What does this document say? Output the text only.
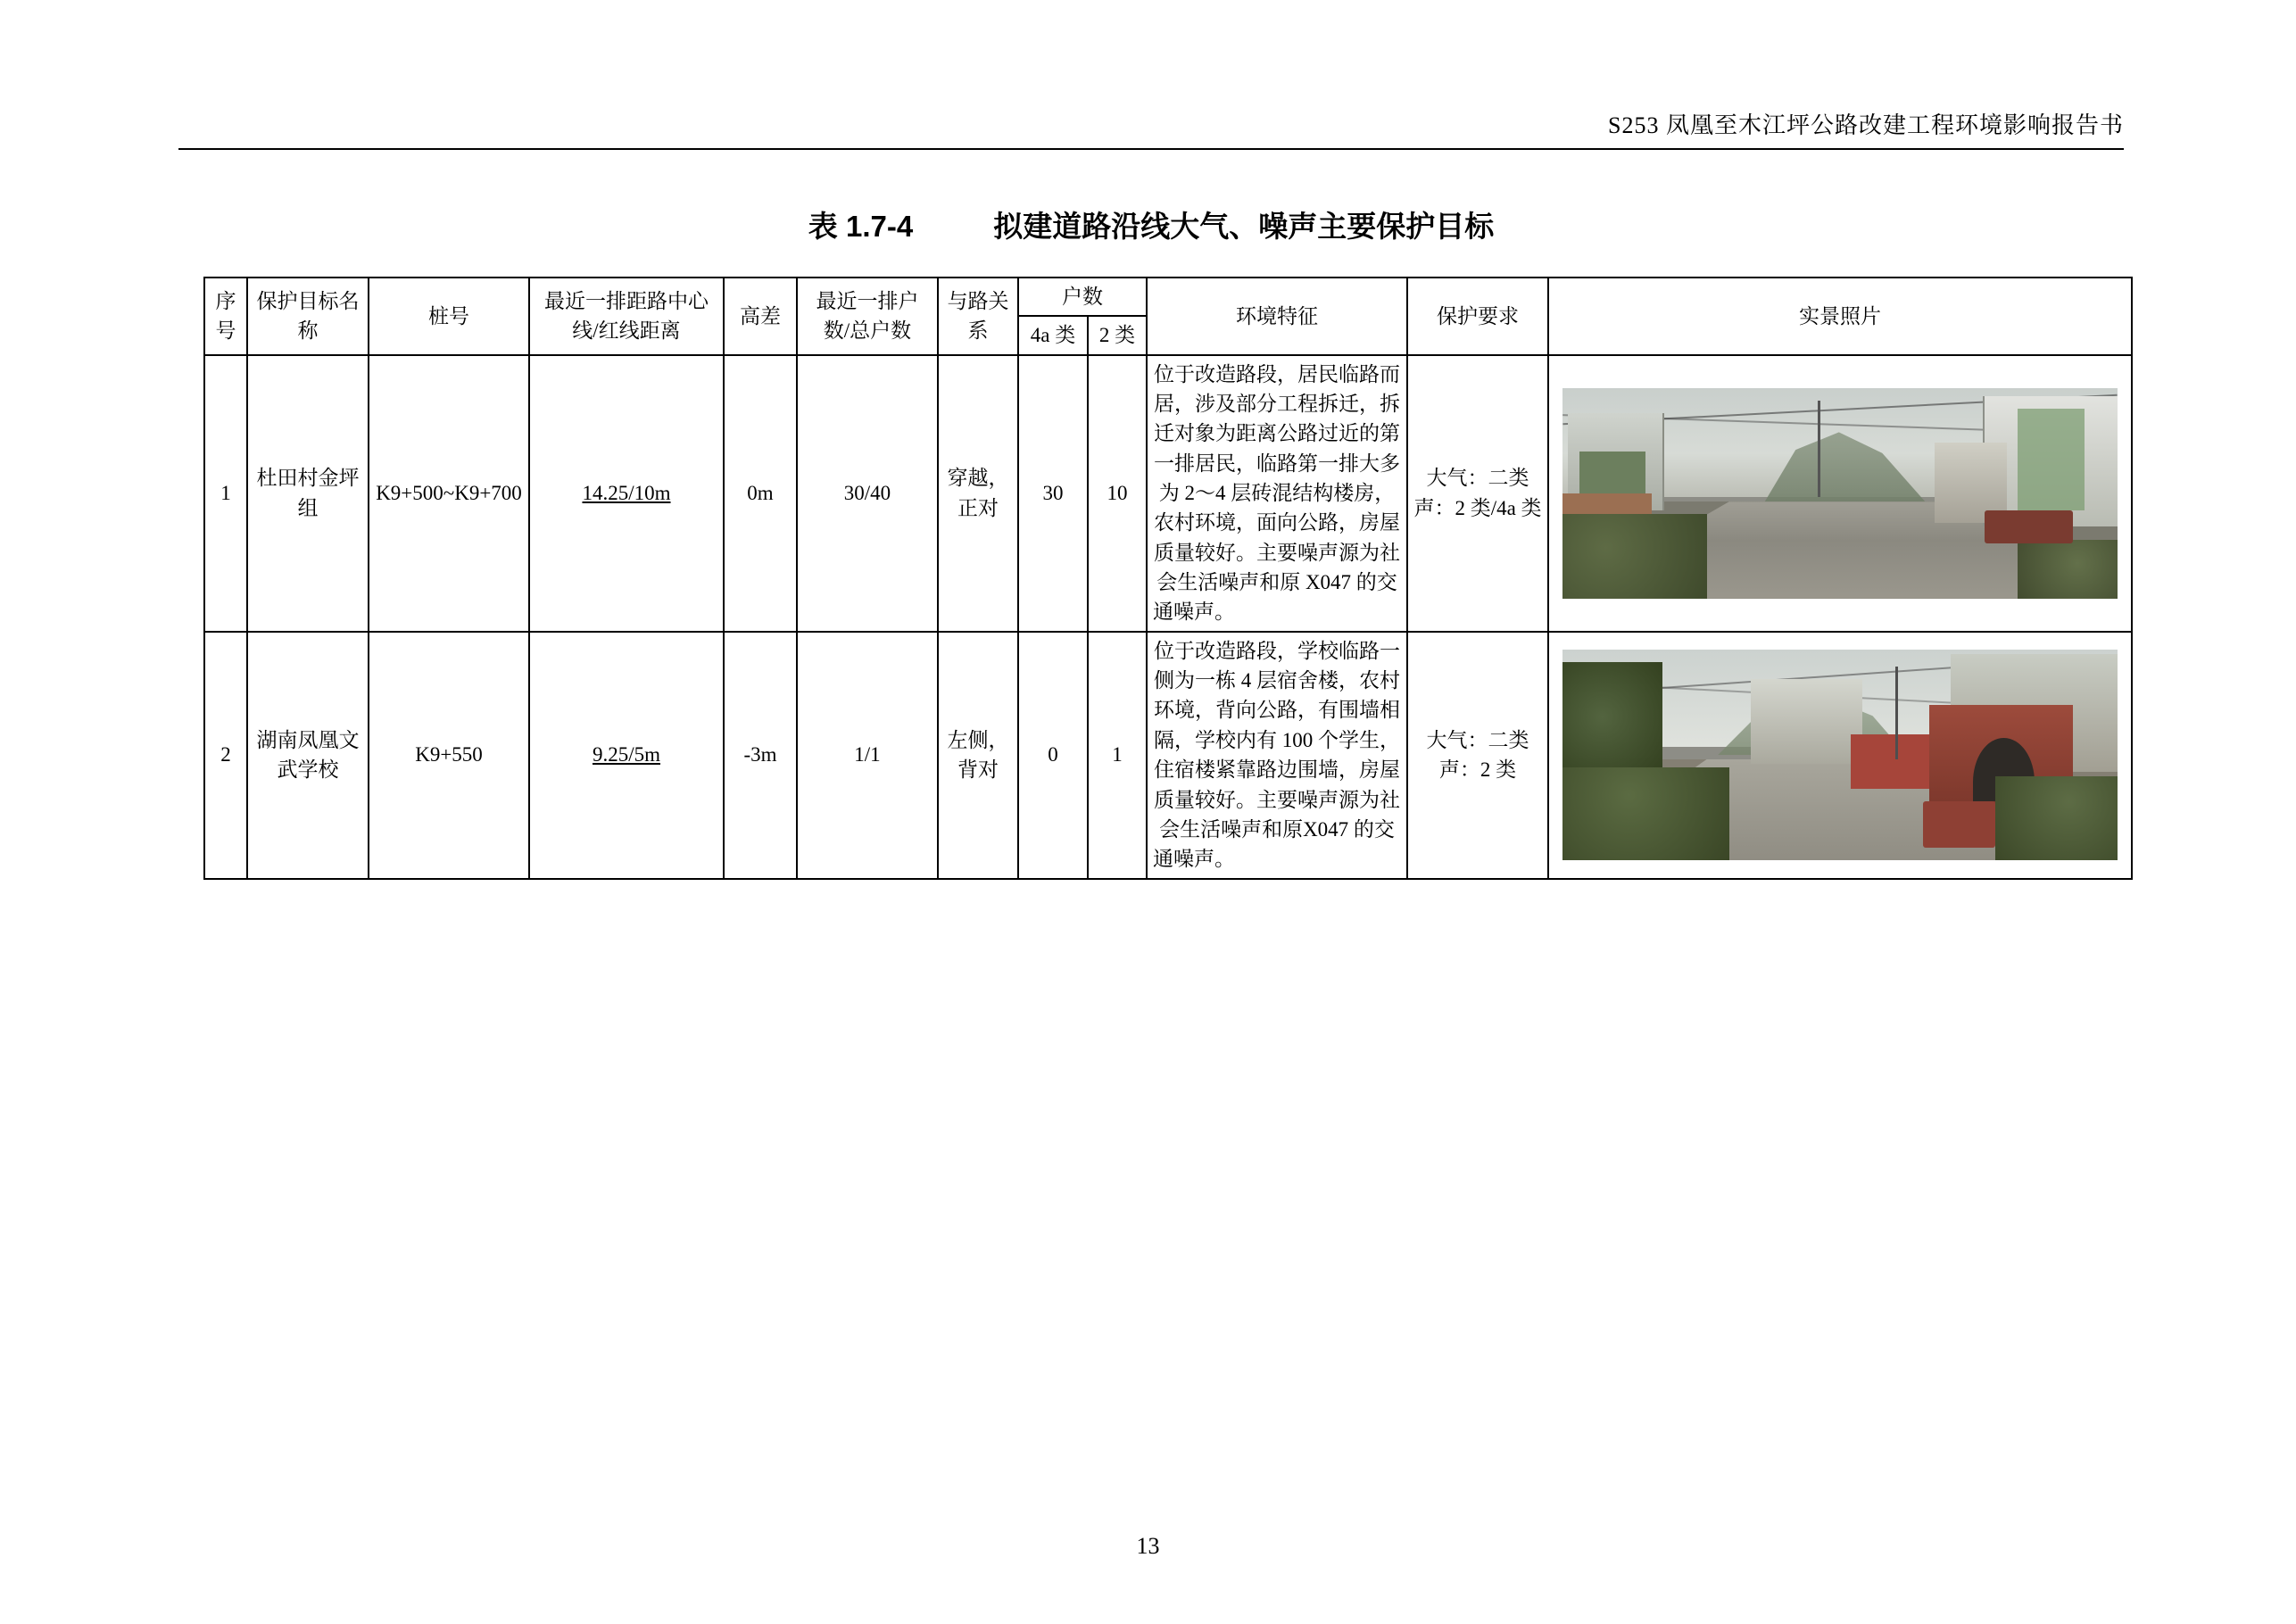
S253 凤凰至木江坪公路改建工程环境影响报告书
表 1.7-4	拟建道路沿线大气、噪声主要保护目标
序号	保护目标名称	桩号	最近一排距路中心线/红线距离	高差	最近一排户数/总户数	与路关系	户数		环境特征	保护要求	实景照片
							4a 类	2 类			
1	杜田村金坪组	K9+500~K9+700	14.25/10m	0m	30/40	穿越，正对	30	10	位于改造路段，居民临路而居，涉及部分工程拆迁，拆迁对象为距离公路过近的第一排居民，临路第一排大多为 2～4 层砖混结构楼房，农村环境，面向公路，房屋质量较好。主要噪声源为社会生活噪声和原 X047 的交通噪声。	大气：二类 声：2 类/4a 类	

2	湖南凤凰文武学校	K9+550	9.25/5m	-3m	1/1	左侧，背对	0	1	位于改造路段，学校临路一侧为一栋 4 层宿舍楼，农村环境，背向公路，有围墙相隔，学校内有 100 个学生，住宿楼紧靠路边围墙，房屋质量较好。主要噪声源为社会生活噪声和原X047 的交通噪声。	大气：二类 声：2 类	
13
